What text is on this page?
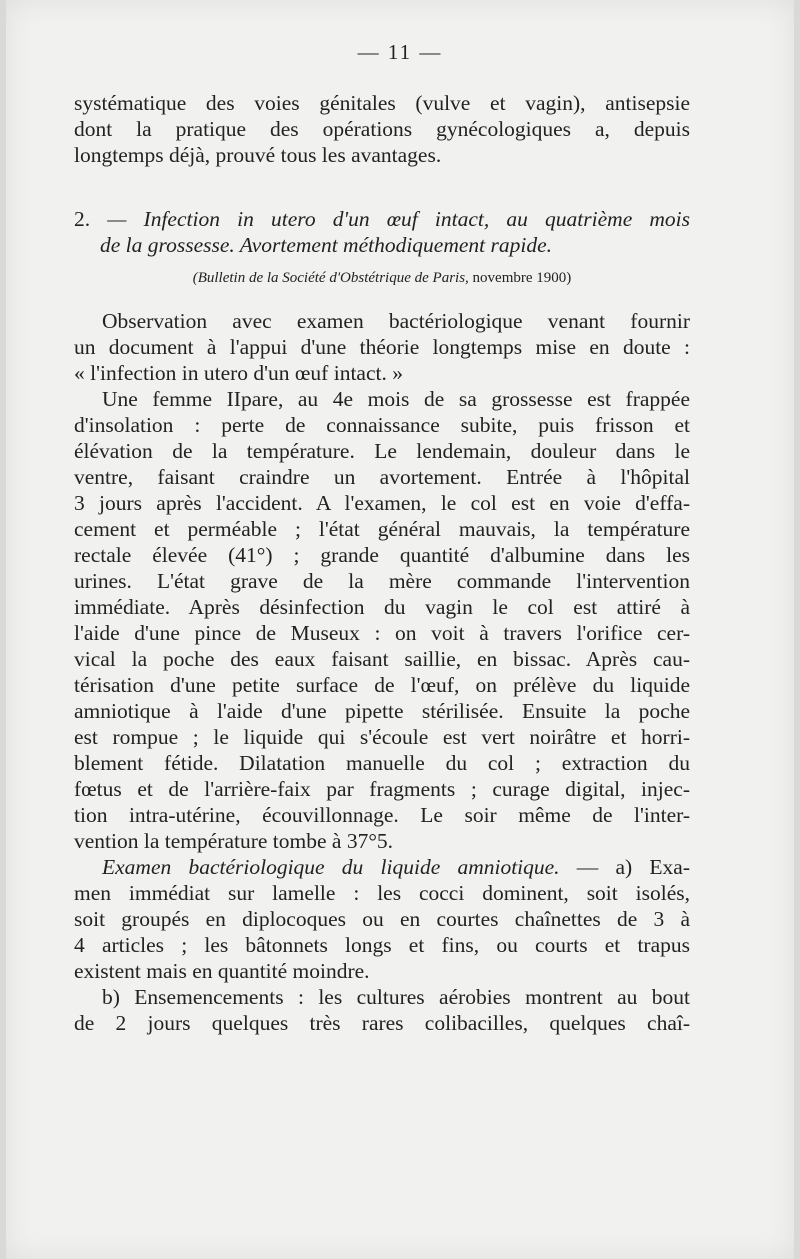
— 11 —

systématique des voies génitales (vulve et vagin), antisepsie
dont la pratique des opérations gynécologiques a, depuis
longtemps déjà, prouvé tous les avantages.

2. — Infection in utero d'un œuf intact, au quatrième mois
de la grossesse. Avortement méthodiquement rapide.
(Bulletin de la Société d'Obstétrique de Paris, novembre 1900)

Observation avec examen bactériologique venant fournir
un document à l'appui d'une théorie longtemps mise en doute :
« l'infection in utero d'un œuf intact. »

Une femme IIpare, au 4e mois de sa grossesse est frappée
d'insolation : perte de connaissance subite, puis frisson et
élévation de la température. Le lendemain, douleur dans le
ventre, faisant craindre un avortement. Entrée à l'hôpital
3 jours après l'accident. A l'examen, le col est en voie d'effa-
cement et perméable ; l'état général mauvais, la température
rectale élevée (41°) ; grande quantité d'albumine dans les
urines. L'état grave de la mère commande l'intervention
immédiate. Après désinfection du vagin le col est attiré à
l'aide d'une pince de Museux : on voit à travers l'orifice cer-
vical la poche des eaux faisant saillie, en bissac. Après cau-
térisation d'une petite surface de l'œuf, on prélève du liquide
amniotique à l'aide d'une pipette stérilisée. Ensuite la poche
est rompue ; le liquide qui s'écoule est vert noirâtre et horri-
blement fétide. Dilatation manuelle du col ; extraction du
fœtus et de l'arrière-faix par fragments ; curage digital, injec-
tion intra-utérine, écouvillonnage. Le soir même de l'inter-
vention la température tombe à 37°5.

Examen bactériologique du liquide amniotique. — a) Exa-
men immédiat sur lamelle : les cocci dominent, soit isolés,
soit groupés en diplocoques ou en courtes chaînettes de 3 à
4 articles ; les bâtonnets longs et fins, ou courts et trapus
existent mais en quantité moindre.

b) Ensemencements : les cultures aérobies montrent au bout
de 2 jours quelques très rares colibacilles, quelques chaî-
